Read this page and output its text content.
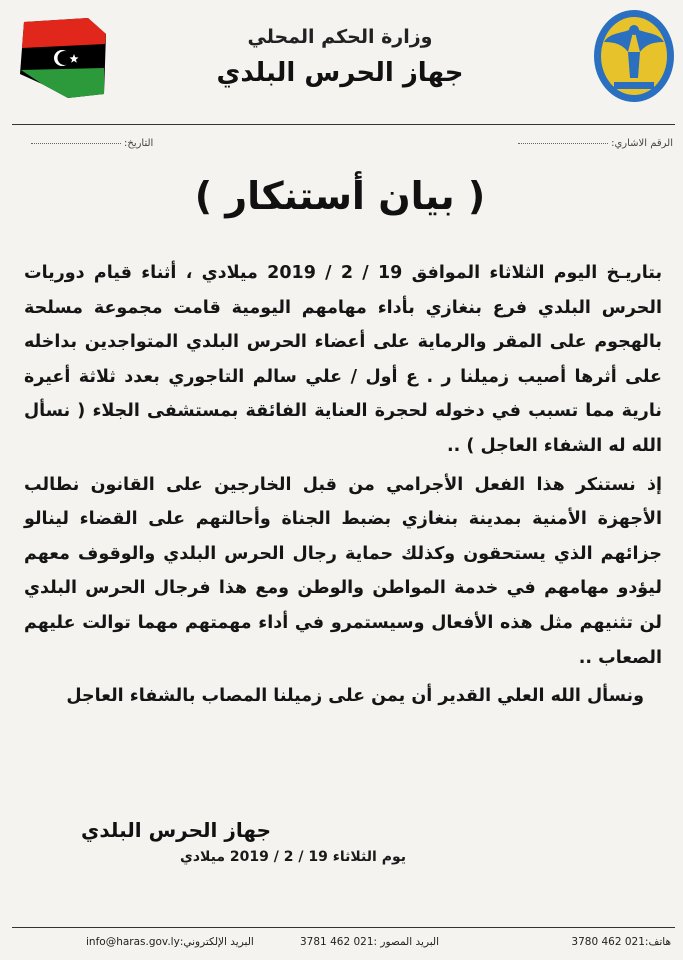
وزارة الحكم المحلي
جهاز الحرس البلدي
الرقم الاشاري:
التاريخ:
( بيان أستنكار )

بتاريـخ اليوم الثلاثاء الموافق 19 / 2 / 2019 ميلادي ، أثناء قيام دوريات الحرس البلدي فرع بنغازي بأداء مهامهم اليومية قامت مجموعة مسلحة بالهجوم على المقر والرماية على أعضاء الحرس البلدي المتواجدين بداخله على أثرها أصيب زميلنا ر . ع أول / علي سالم التاجوري بعدد ثلاثة أعيرة نارية مما تسبب في دخوله لحجرة العناية الفائقة بمستشفى الجلاء ( نسأل الله له الشفاء العاجل ) ..

إذ نستنكر هذا الفعل الأجرامي من قبل الخارجين على القانون نطالب الأجهزة الأمنية بمدينة بنغازي بضبط الجناة وأحالتهم على القضاء لينالو جزائهم الذي يستحقون وكذلك حماية رجال الحرس البلدي والوقوف معهم ليؤدو مهامهم في خدمة المواطن والوطن ومع هذا فرجال الحرس البلدي لن تثنيهم مثل هذه الأفعال وسيستمرو في أداء مهمتهم مهما توالت عليهم الصعاب ..

ونسأل الله العلي القدير أن يمن على زميلنا المصاب بالشفاء العاجل

جهاز الحرس البلدي
يوم الثلاثاء 19 / 2 / 2019 ميلادي
هاتف:021 462 3780
البريد المصور :021 462 3781
البريد الإلكتروني:info@haras.gov.ly
